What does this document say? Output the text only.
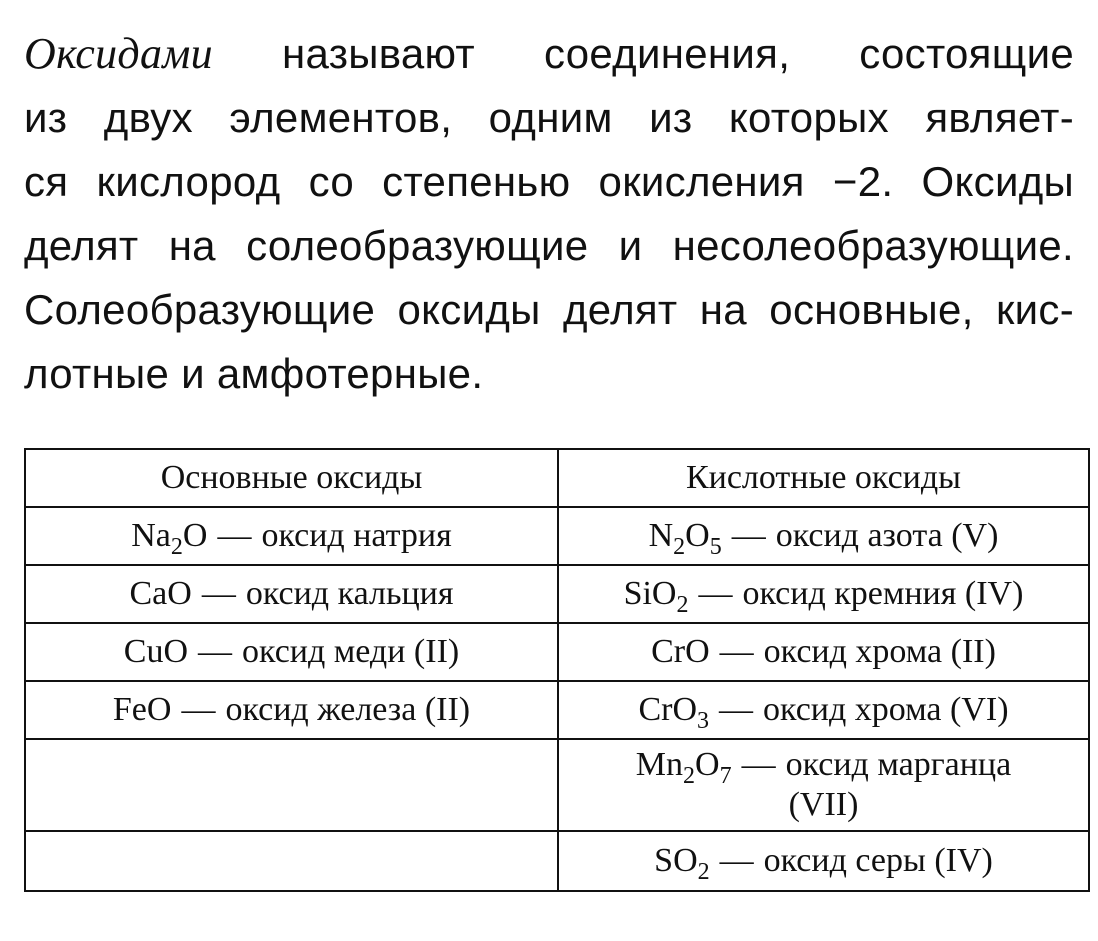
Оксидами называют соединения, состоящие
из двух элементов, одним из которых являет-
ся кислород со степенью окисления −2. Оксиды
делят на солеобразующие и несолеобразующие.
Солеобразующие оксиды делят на основные, кис-
лотные и амфотерные.

Основные оксиды	Кислотные оксиды
$Na_2O$ — оксид натрия	$N_2O_5$ — оксид азота (V)
CaO — оксид кальция	SiO$_2$ — оксид кремния (IV)
CuO — оксид меди (II)	CrO — оксид хрома (II)
FeO — оксид железа (II)	CrO$_3$ — оксид хрома (VI)
	$Mn_2O_7$ — оксид марганца
(VII)
	$SO_2$ — оксид серы (IV)
